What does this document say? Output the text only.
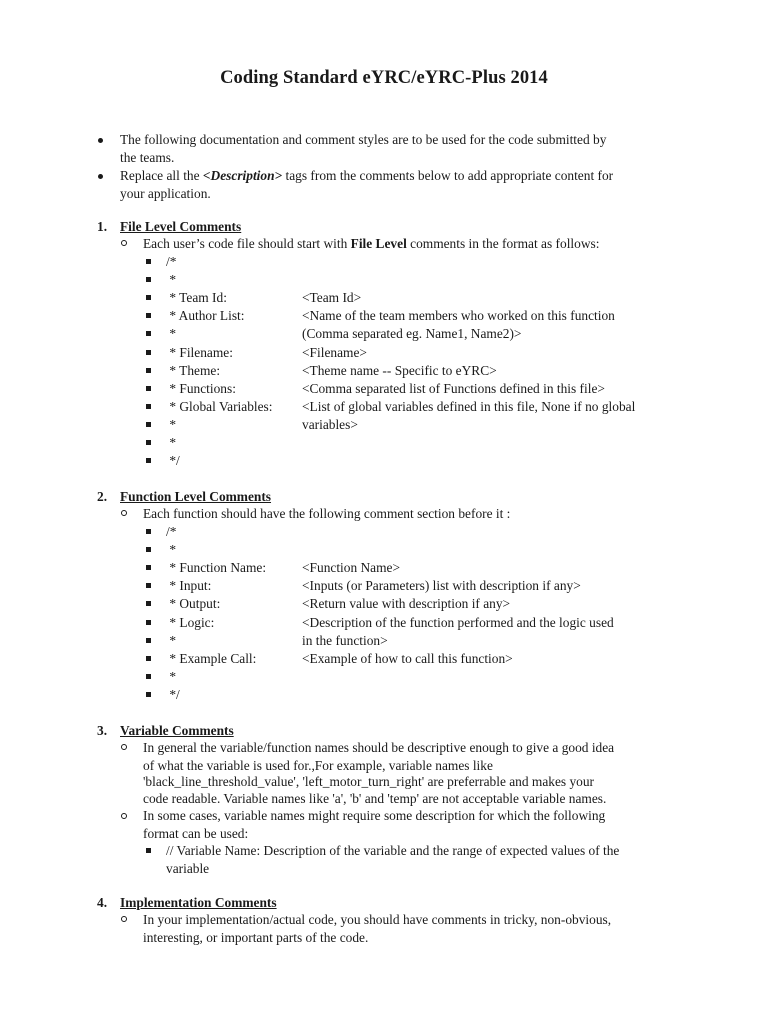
Coding Standard eYRC/eYRC-Plus 2014
The following documentation and comment styles are to be used for the code submitted by
the teams.
Replace all the <Description> tags from the comments below to add appropriate content for
your application.
1. File Level Comments
Each user’s code file should start with File Level comments in the format as follows:
/*
*
* Team Id:	<Team Id>
* Author List:	<Name of the team members who worked on this function
*	(Comma separated eg. Name1, Name2)>
* Filename:	<Filename>
* Theme:	<Theme name -- Specific to eYRC>
* Functions:	<Comma separated list of Functions defined in this file>
* Global Variables: <List of global variables defined in this file, None if no global
*	variables>
*
*/
2. Function Level Comments
Each function should have the following comment section before it :
/*
*
* Function Name:	<Function Name>
* Input:	<Inputs (or Parameters) list with description if any>
* Output:	<Return value with description if any>
* Logic:	<Description of the function performed and the logic used
*	in the function>
* Example Call:	<Example of how to call this function>
*
*/
3. Variable Comments
In general the variable/function names should be descriptive enough to give a good idea
of what the variable is used for.,For example, variable names like
'black_line_threshold_value', 'left_motor_turn_right' are preferrable and makes your
code readable. Variable names like 'a', 'b' and 'temp' are not acceptable variable names.
In some cases, variable names might require some description for which the following
format can be used:
// Variable Name: Description of the variable and the range of expected values of the
variable
4. Implementation Comments
In your implementation/actual code, you should have comments in tricky, non-obvious,
interesting, or important parts of the code.
